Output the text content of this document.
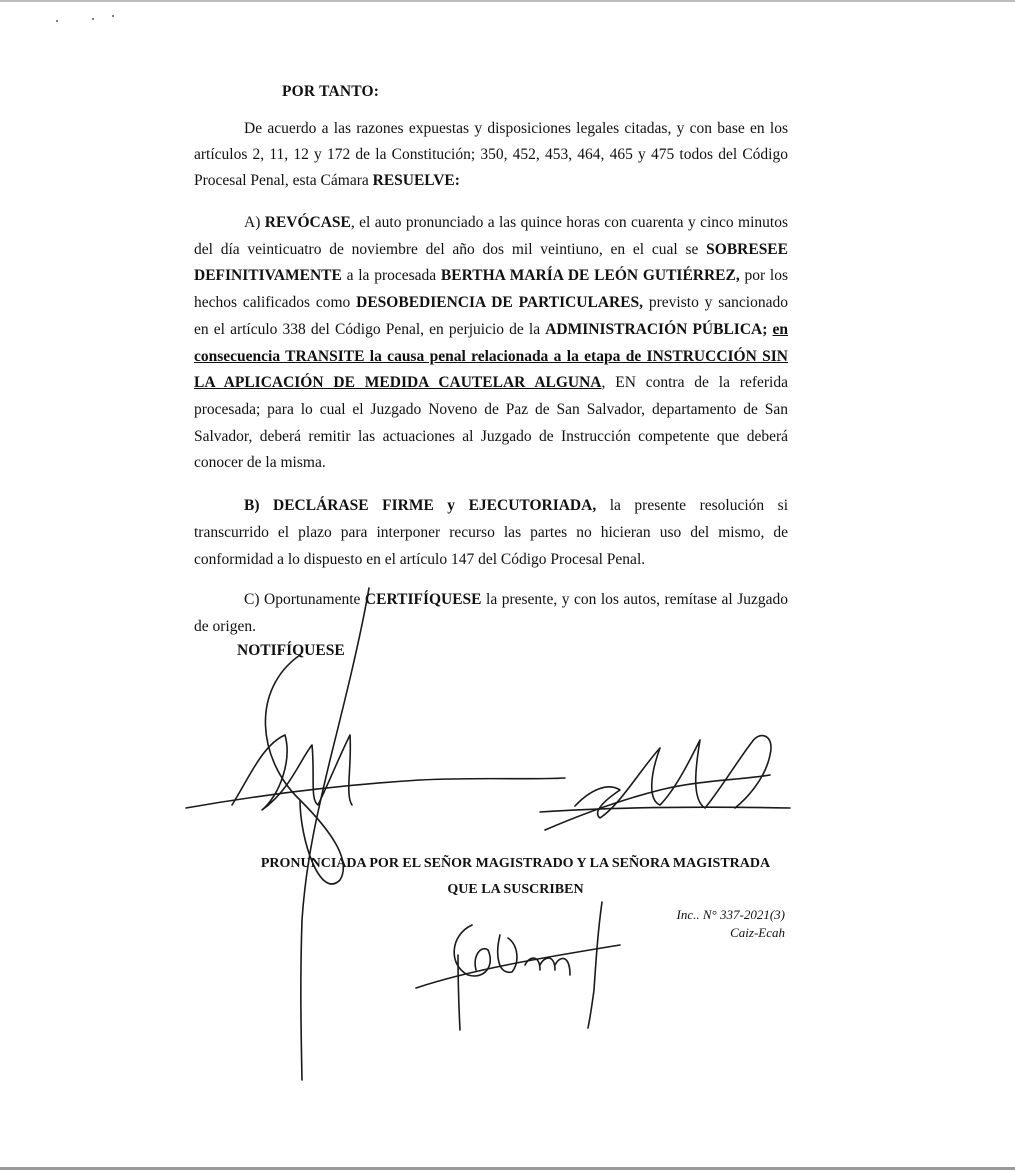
POR TANTO:
De acuerdo a las razones expuestas y disposiciones legales citadas, y con base en los artículos 2, 11, 12 y 172 de la Constitución; 350, 452, 453, 464, 465 y 475 todos del Código Procesal Penal, esta Cámara RESUELVE:
A) REVÓCASE, el auto pronunciado a las quince horas con cuarenta y cinco minutos del día veinticuatro de noviembre del año dos mil veintiuno, en el cual se SOBRESEE DEFINITIVAMENTE a la procesada BERTHA MARÍA DE LEÓN GUTIÉRREZ, por los hechos calificados como DESOBEDIENCIA DE PARTICULARES, previsto y sancionado en el artículo 338 del Código Penal, en perjuicio de la ADMINISTRACIÓN PÚBLICA; en consecuencia TRANSITE la causa penal relacionada a la etapa de INSTRUCCIÓN SIN LA APLICACIÓN DE MEDIDA CAUTELAR ALGUNA, EN contra de la referida procesada; para lo cual el Juzgado Noveno de Paz de San Salvador, departamento de San Salvador, deberá remitir las actuaciones al Juzgado de Instrucción competente que deberá conocer de la misma.
B) DECLÁRASE FIRME y EJECUTORIADA, la presente resolución si transcurrido el plazo para interponer recurso las partes no hicieran uso del mismo, de conformidad a lo dispuesto en el artículo 147 del Código Procesal Penal.
C) Oportunamente CERTIFÍQUESE la presente, y con los autos, remítase al Juzgado de origen.
NOTIFÍQUESE
PRONUNCIADA POR EL SEÑOR MAGISTRADO Y LA SEÑORA MAGISTRADA
QUE LA SUSCRIBEN
Inc.. N° 337-2021(3)
Caiz-Ecah
